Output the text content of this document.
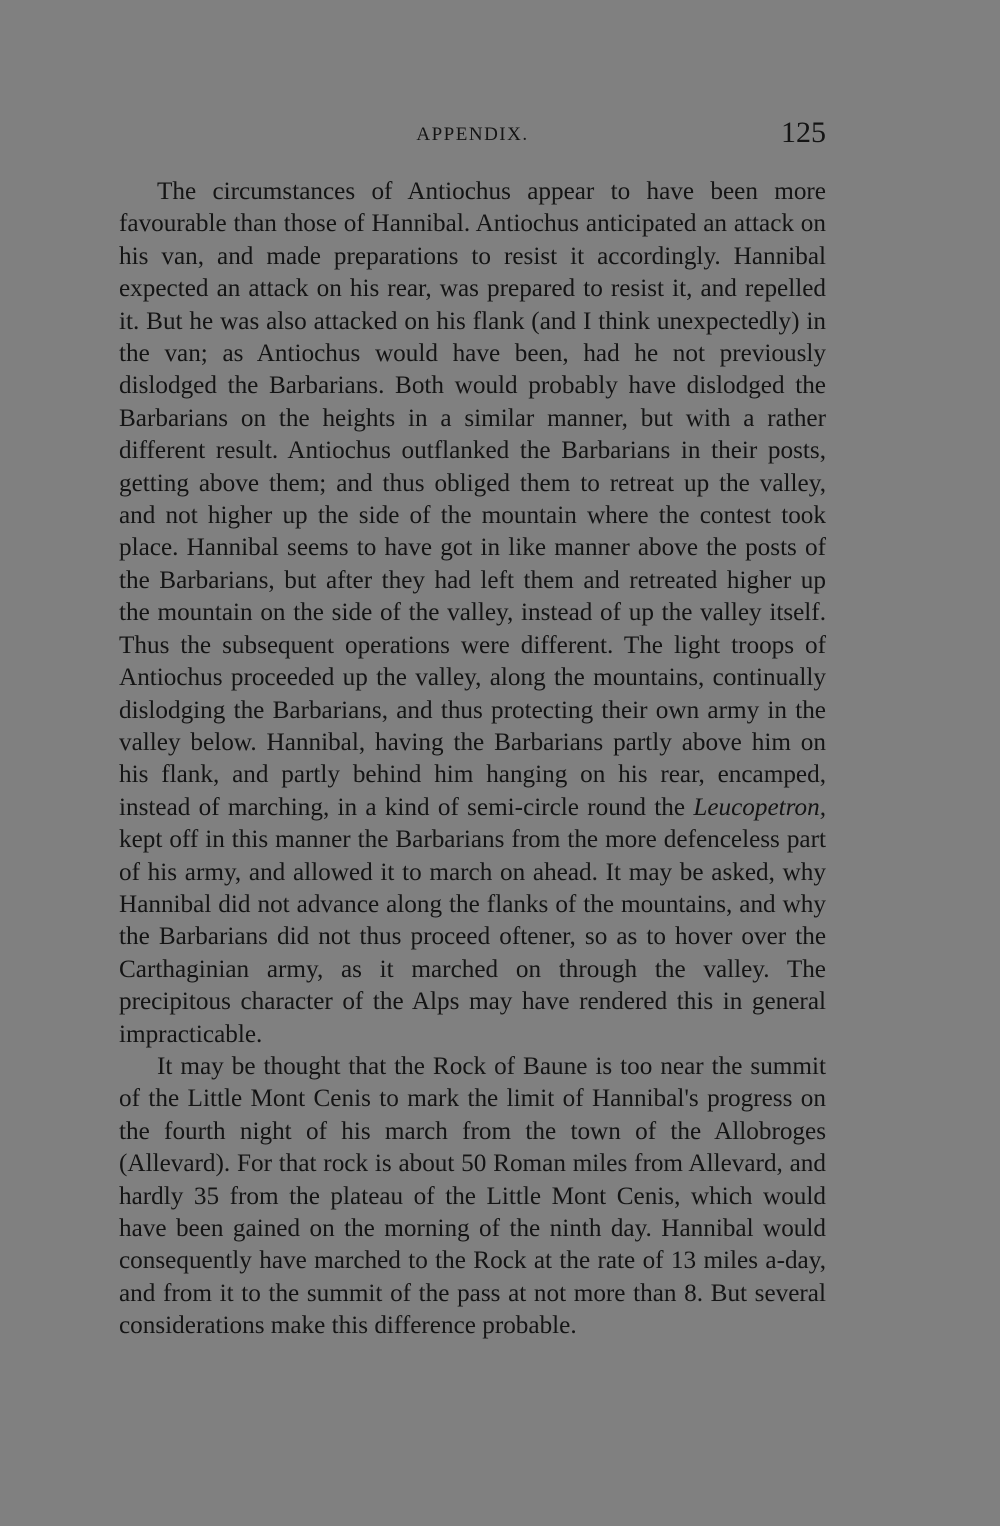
APPENDIX.	125

The circumstances of Antiochus appear to have been more favourable than those of Hannibal. Antiochus anticipated an attack on his van, and made preparations to resist it accordingly. Hannibal expected an attack on his rear, was prepared to resist it, and repelled it. But he was also attacked on his flank (and I think unexpectedly) in the van; as Antiochus would have been, had he not previously dislodged the Barbarians. Both would probably have dislodged the Barbarians on the heights in a similar manner, but with a rather different result. Antiochus outflanked the Barbarians in their posts, getting above them; and thus obliged them to retreat up the valley, and not higher up the side of the mountain where the contest took place. Hannibal seems to have got in like manner above the posts of the Barbarians, but after they had left them and retreated higher up the mountain on the side of the valley, instead of up the valley itself. Thus the subsequent operations were different. The light troops of Antiochus proceeded up the valley, along the mountains, continually dislodging the Barbarians, and thus protecting their own army in the valley below. Hannibal, having the Barbarians partly above him on his flank, and partly behind him hanging on his rear, encamped, instead of marching, in a kind of semi-circle round the Leucopetron, kept off in this manner the Barbarians from the more defenceless part of his army, and allowed it to march on ahead. It may be asked, why Hannibal did not advance along the flanks of the mountains, and why the Barbarians did not thus proceed oftener, so as to hover over the Carthaginian army, as it marched on through the valley. The precipitous character of the Alps may have rendered this in general impracticable.

It may be thought that the Rock of Baune is too near the summit of the Little Mont Cenis to mark the limit of Hannibal's progress on the fourth night of his march from the town of the Allobroges (Allevard). For that rock is about 50 Roman miles from Allevard, and hardly 35 from the plateau of the Little Mont Cenis, which would have been gained on the morning of the ninth day. Hannibal would consequently have marched to the Rock at the rate of 13 miles a-day, and from it to the summit of the pass at not more than 8. But several considerations make this difference probable.
